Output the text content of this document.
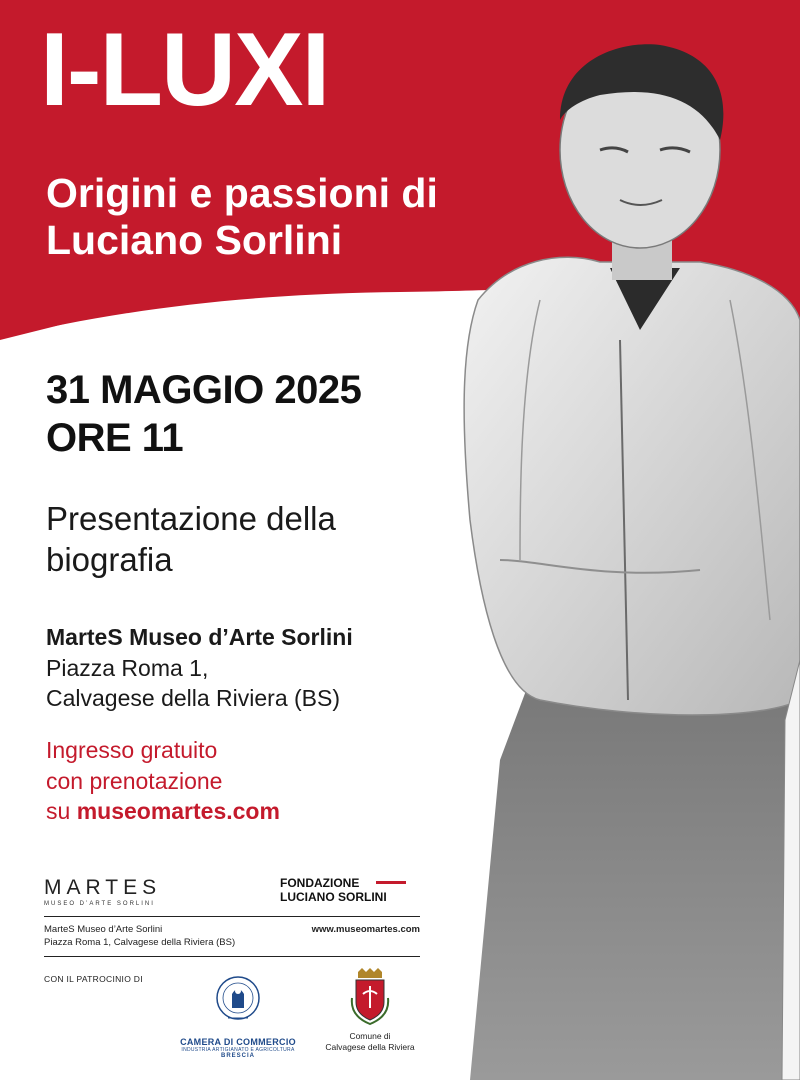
I-LUXI
Origini e passioni di Luciano Sorlini
31 MAGGIO 2025
ORE 11

Presentazione della biografia

MarteS Museo d’Arte Sorlini
Piazza Roma 1,
Calvagese della Riviera (BS)
Ingresso gratuito
con prenotazione
su museomartes.com
MARTES
MUSEO D’ARTE SORLINI
FONDAZIONE
LUCIANO SORLINI
MarteS Museo d’Arte Sorlini
Piazza Roma 1, Calvagese della Riviera (BS)
www.museomartes.com
CON IL PATROCINIO DI
CAMERA DI COMMERCIO
INDUSTRIA ARTIGIANATO E AGRICOLTURA
BRESCIA
Comune di
Calvagese della Riviera
